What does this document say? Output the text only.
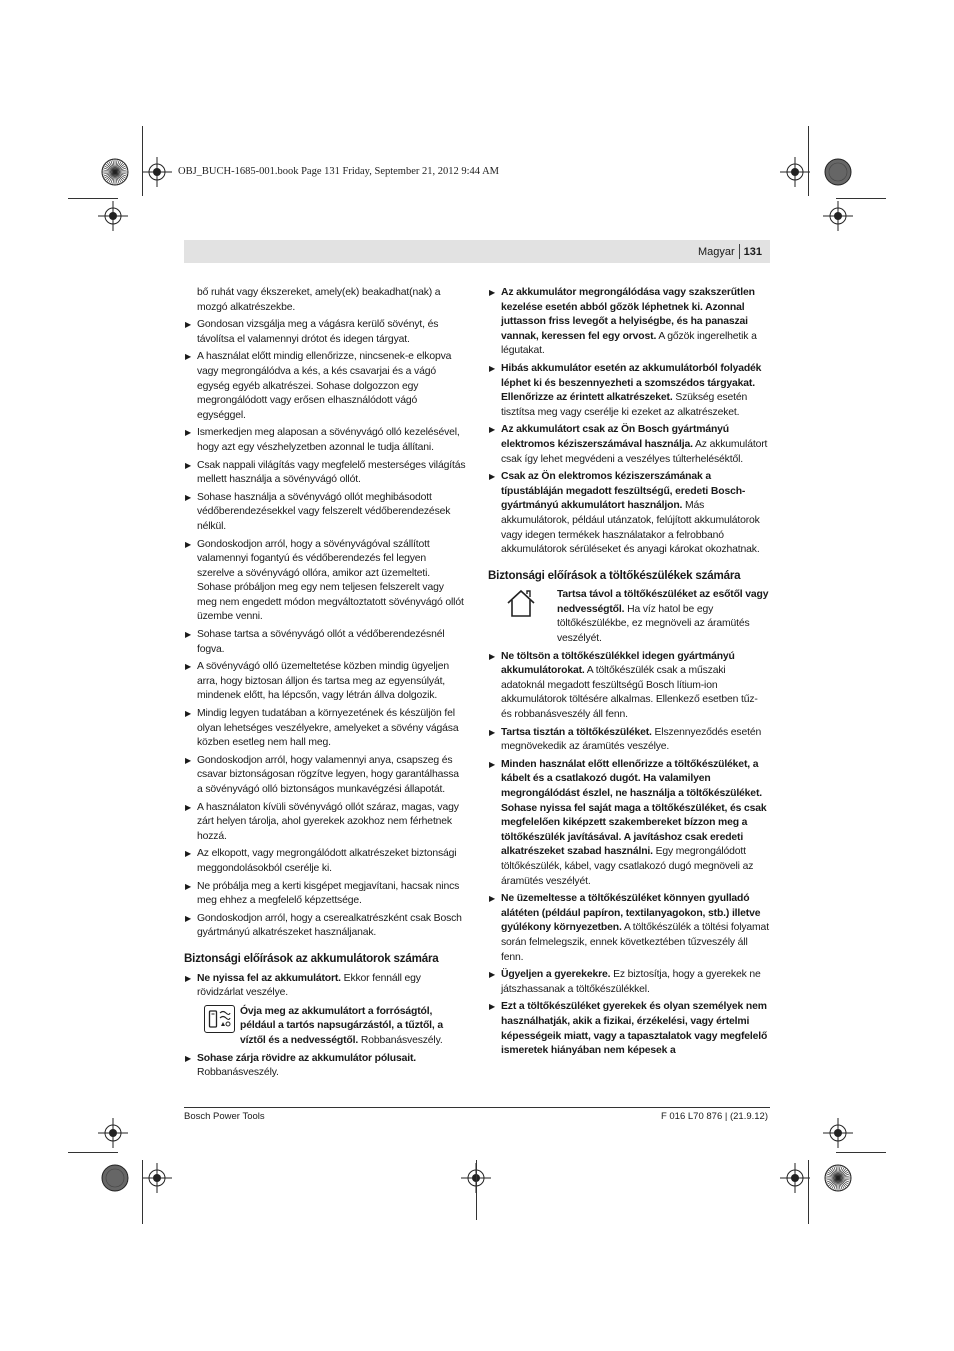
OBJ_BUCH-1685-001.book Page 131 Friday, September 21, 2012 9:44 AM
Magyar 131
bő ruhát vagy ékszereket, amely(ek) beakadhat(nak) a mozgó alkatrészekbe.
▶ Gondosan vizsgálja meg a vágásra kerülő sövényt, és távolítsa el valamennyi drótot és idegen tárgyat.
▶ A használat előtt mindig ellenőrizze, nincsenek-e elkopva vagy megrongálódva a kés, a kés csavarjai és a vágó egység egyéb alkatrészei. Sohase dolgozzon egy megrongálódott vagy erősen elhasználódott vágó egységgel.
▶ Ismerkedjen meg alaposan a sövényvágó olló kezelésével, hogy azt egy vészhelyzetben azonnal le tudja állítani.
▶ Csak nappali világítás vagy megfelelő mesterséges világítás mellett használja a sövényvágó ollót.
▶ Sohase használja a sövényvágó ollót meghibásodott védőberendezésekkel vagy felszerelt védőberendezések nélkül.
▶ Gondoskodjon arról, hogy a sövényvágóval szállított valamennyi fogantyú és védőberendezés fel legyen szerelve a sövényvágó ollóra, amikor azt üzemelteti. Sohase próbáljon meg egy nem teljesen felszerelt vagy meg nem engedett módon megváltoztatott sövényvágó ollót üzembe venni.
▶ Sohase tartsa a sövényvágó ollót a védőberendezésnél fogva.
▶ A sövényvágó olló üzemeltetése közben mindig ügyeljen arra, hogy biztosan álljon és tartsa meg az egyensúlyát, mindenek előtt, ha lépcsőn, vagy létrán állva dolgozik.
▶ Mindig legyen tudatában a környezetének és készüljön fel olyan lehetséges veszélyekre, amelyeket a sövény vágása közben esetleg nem hall meg.
▶ Gondoskodjon arról, hogy valamennyi anya, csapszeg és csavar biztonságosan rögzítve legyen, hogy garantálhassa a sövényvágó olló biztonságos munkavégzési állapotát.
▶ A használaton kívüli sövényvágó ollót száraz, magas, vagy zárt helyen tárolja, ahol gyerekek azokhoz nem férhetnek hozzá.
▶ Az elkopott, vagy megrongálódott alkatrészeket biztonsági meggondolásokból cserélje ki.
▶ Ne próbálja meg a kerti kisgépet megjavítani, hacsak nincs meg ehhez a megfelelő képzettsége.
▶ Gondoskodjon arról, hogy a cserealkatrészként csak Bosch gyártmányú alkatrészeket használjanak.
Biztonsági előírások az akkumulátorok számára
▶ Ne nyissa fel az akkumulátort. Ekkor fennáll egy rövidzárlat veszélye.
Óvja meg az akkumulátort a forróságtól, például a tartós napsugárzástól, a tűztől, a víztől és a nedvességtől. Robbanásveszély.
▶ Sohase zárja rövidre az akkumulátor pólusait. Robbanásveszély.
▶ Az akkumulátor megrongálódása vagy szakszerűtlen kezelése esetén abból gőzök léphetnek ki. Azonnal juttasson friss levegőt a helyiségbe, és ha panaszai vannak, keressen fel egy orvost. A gőzök ingerelhetik a légutakat.
▶ Hibás akkumulátor esetén az akkumulátorból folyadék léphet ki és beszennyezheti a szomszédos tárgyakat. Ellenőrizze az érintett alkatrészeket. Szükség esetén tisztítsa meg vagy cserélje ki ezeket az alkatrészeket.
▶ Az akkumulátort csak az Ön Bosch gyártmányú elektromos kéziszerszámával használja. Az akkumulátort csak így lehet megvédeni a veszélyes túlterheléséktől.
▶ Csak az Ön elektromos kéziszerszámának a típustábláján megadott feszültségű, eredeti Bosch-gyártmányú akkumulátort használjon. Más akkumulátorok, például utánzatok, felújított akkumulátorok vagy idegen termékek használatakor a felrobbanó akkumulátorok sérüléseket és anyagi károkat okozhatnak.
Biztonsági előírások a töltőkészülékek számára
Tartsa távol a töltőkészüléket az esőtől vagy nedvességtől. Ha víz hatol be egy töltőkészülékbe, ez megnöveli az áramütés veszélyét.
▶ Ne töltsön a töltőkészülékkel idegen gyártmányú akkumulátorokat. A töltőkészülék csak a műszaki adatoknál megadott feszültségű Bosch lítium-ion akkumulátorok töltésére alkalmas. Ellenkező esetben tűz- és robbanásveszély áll fenn.
▶ Tartsa tisztán a töltőkészüléket. Elszennyeződés esetén megnövekedik az áramütés veszélye.
▶ Minden használat előtt ellenőrizze a töltőkészüléket, a kábelt és a csatlakozó dugót. Ha valamilyen megrongálódást észlel, ne használja a töltőkészüléket. Sohase nyissa fel saját maga a töltőkészüléket, és csak megfelelően kiképzett szakembereket bízzon meg a töltőkészülék javításával. A javításhoz csak eredeti alkatrészeket szabad használni. Egy megrongálódott töltőkészülék, kábel, vagy csatlakozó dugó megnöveli az áramütés veszélyét.
▶ Ne üzemeltesse a töltőkészüléket könnyen gyulladó alátéten (például papíron, textilanyagokon, stb.) illetve gyúlékony környezetben. A töltőkészülék a töltési folyamat során felmelegszik, ennek következtében tűzveszély áll fenn.
▶ Ügyeljen a gyerekekre. Ez biztosítja, hogy a gyerekek ne játszhassanak a töltőkészülékkel.
▶ Ezt a töltőkészüléket gyerekek és olyan személyek nem használhatják, akik a fizikai, érzékelési, vagy értelmi képességeik miatt, vagy a tapasztalatok vagy megfelelő ismeretek hiányában nem képesek a
Bosch Power Tools	F 016 L70 876 | (21.9.12)
